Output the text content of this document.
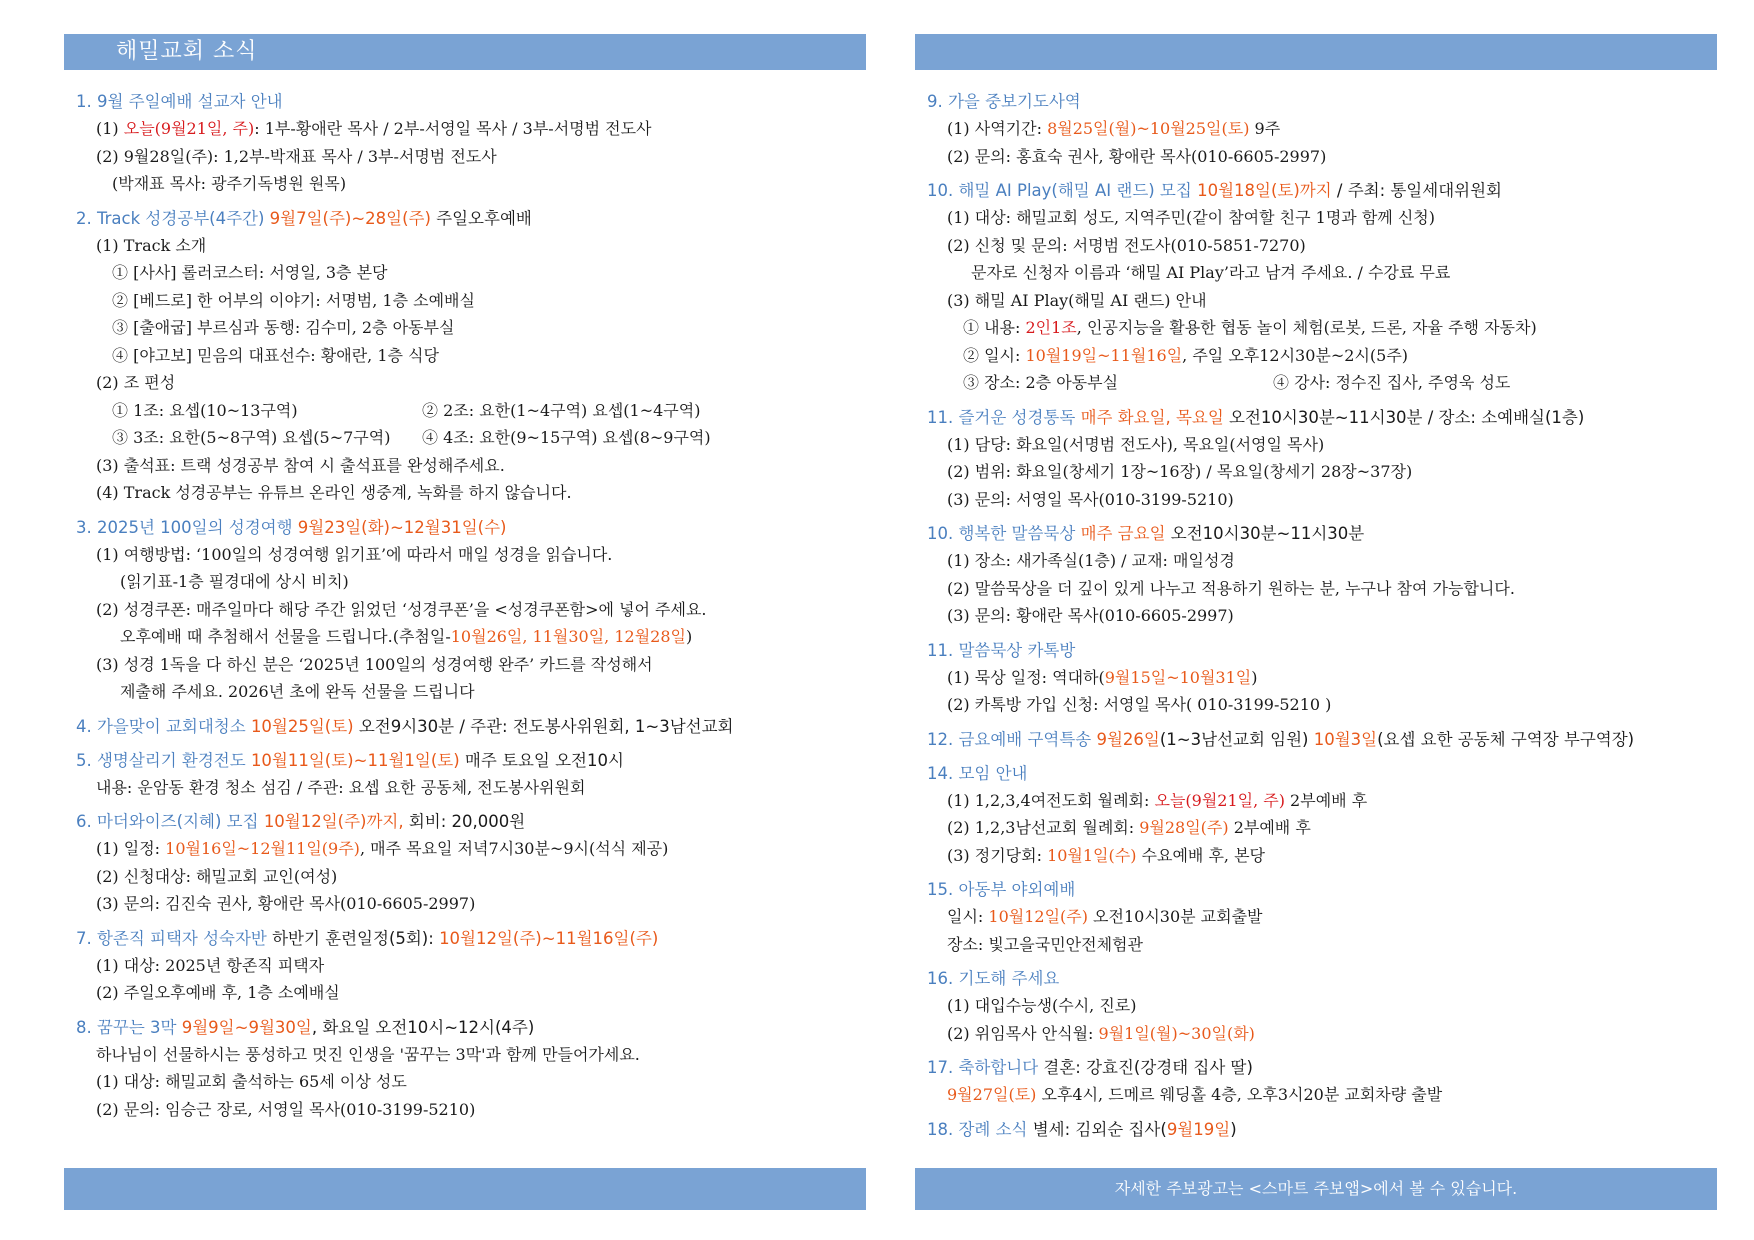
해밀교회 소식
1. 9월 주일예배 설교자 안내
(1) 오늘(9월21일, 주): 1부-황애란 목사 / 2부-서영일 목사 / 3부-서명범 전도사
(2) 9월28일(주): 1,2부-박재표 목사 / 3부-서명범 전도사
(박재표 목사: 광주기독병원 원목)
2. Track 성경공부(4주간) 9월7일(주)~28일(주) 주일오후예배
(1) Track 소개
① [사사] 롤러코스터: 서영일, 3층 본당
② [베드로] 한 어부의 이야기: 서명범, 1층 소예배실
③ [출애굽] 부르심과 동행: 김수미, 2층 아동부실
④ [야고보] 믿음의 대표선수: 황애란, 1층 식당
(2) 조 편성
① 1조: 요셉(10~13구역)	② 2조: 요한(1~4구역) 요셉(1~4구역)
③ 3조: 요한(5~8구역) 요셉(5~7구역) ④ 4조: 요한(9~15구역) 요셉(8~9구역)
(3) 출석표: 트랙 성경공부 참여 시 출석표를 완성해주세요.
(4) Track 성경공부는 유튜브 온라인 생중계, 녹화를 하지 않습니다.
3. 2025년 100일의 성경여행 9월23일(화)~12월31일(수)
(1) 여행방법: ‘100일의 성경여행 읽기표’에 따라서 매일 성경을 읽습니다.
(읽기표-1층 필경대에 상시 비치)
(2) 성경쿠폰: 매주일마다 해당 주간 읽었던 ‘성경쿠폰’을 <성경쿠폰함>에 넣어 주세요.
오후예배 때 추첨해서 선물을 드립니다.(추첨일-10월26일, 11월30일, 12월28일)
(3) 성경 1독을 다 하신 분은 ‘2025년 100일의 성경여행 완주’ 카드를 작성해서
제출해 주세요. 2026년 초에 완독 선물을 드립니다
4. 가을맞이 교회대청소 10월25일(토) 오전9시30분 / 주관: 전도봉사위원회, 1~3남선교회
5. 생명살리기 환경전도 10월11일(토)~11월1일(토) 매주 토요일 오전10시
내용: 운암동 환경 청소 섬김 / 주관: 요셉 요한 공동체, 전도봉사위원회
6. 마더와이즈(지혜) 모집 10월12일(주)까지, 회비: 20,000원
(1) 일정: 10월16일~12월11일(9주), 매주 목요일 저녁7시30분~9시(석식 제공)
(2) 신청대상: 해밀교회 교인(여성)
(3) 문의: 김진숙 권사, 황애란 목사(010-6605-2997)
7. 항존직 피택자 성숙자반 하반기 훈련일정(5회): 10월12일(주)~11월16일(주)
(1) 대상: 2025년 항존직 피택자
(2) 주일오후예배 후, 1층 소예배실
8. 꿈꾸는 3막 9월9일~9월30일, 화요일 오전10시~12시(4주)
하나님이 선물하시는 풍성하고 멋진 인생을 '꿈꾸는 3막'과 함께 만들어가세요.
(1) 대상: 해밀교회 출석하는 65세 이상 성도
(2) 문의: 임승근 장로, 서영일 목사(010-3199-5210)
9. 가을 중보기도사역
(1) 사역기간: 8월25일(월)~10월25일(토) 9주
(2) 문의: 홍효숙 권사, 황애란 목사(010-6605-2997)
10. 해밀 AI Play(해밀 AI 랜드) 모집 10월18일(토)까지 / 주최: 통일세대위원회
(1) 대상: 해밀교회 성도, 지역주민(같이 참여할 친구 1명과 함께 신청)
(2) 신청 및 문의: 서명범 전도사(010-5851-7270)
문자로 신청자 이름과 ‘해밀 AI Play’라고 남겨 주세요. / 수강료 무료
(3) 해밀 AI Play(해밀 AI 랜드) 안내
① 내용: 2인1조, 인공지능을 활용한 협동 놀이 체험(로봇, 드론, 자율 주행 자동차)
② 일시: 10월19일~11월16일, 주일 오후12시30분~2시(5주)
③ 장소: 2층 아동부실	④ 강사: 정수진 집사, 주영욱 성도
11. 즐거운 성경통독 매주 화요일, 목요일 오전10시30분~11시30분 / 장소: 소예배실(1층)
(1) 담당: 화요일(서명범 전도사), 목요일(서영일 목사)
(2) 범위: 화요일(창세기 1장~16장) / 목요일(창세기 28장~37장)
(3) 문의: 서영일 목사(010-3199-5210)
10. 행복한 말씀묵상 매주 금요일 오전10시30분~11시30분
(1) 장소: 새가족실(1층) / 교재: 매일성경
(2) 말씀묵상을 더 깊이 있게 나누고 적용하기 원하는 분, 누구나 참여 가능합니다.
(3) 문의: 황애란 목사(010-6605-2997)
11. 말씀묵상 카톡방
(1) 묵상 일정: 역대하(9월15일~10월31일)
(2) 카톡방 가입 신청: 서영일 목사( 010-3199-5210 )
12. 금요예배 구역특송 9월26일(1~3남선교회 임원) 10월3일(요셉 요한 공동체 구역장 부구역장)
14. 모임 안내
(1) 1,2,3,4여전도회 월례회: 오늘(9월21일, 주) 2부예배 후
(2) 1,2,3남선교회 월례회: 9월28일(주) 2부예배 후
(3) 정기당회: 10월1일(수) 수요예배 후, 본당
15. 아동부 야외예배
일시: 10월12일(주) 오전10시30분 교회출발
장소: 빛고을국민안전체험관
16. 기도해 주세요
(1) 대입수능생(수시, 진로)
(2) 위임목사 안식월: 9월1일(월)~30일(화)
17. 축하합니다 결혼: 강효진(강경태 집사 딸)
9월27일(토) 오후4시, 드메르 웨딩홀 4층, 오후3시20분 교회차량 출발
18. 장례 소식 별세: 김외순 집사(9월19일)
자세한 주보광고는 <스마트 주보앱>에서 볼 수 있습니다.
